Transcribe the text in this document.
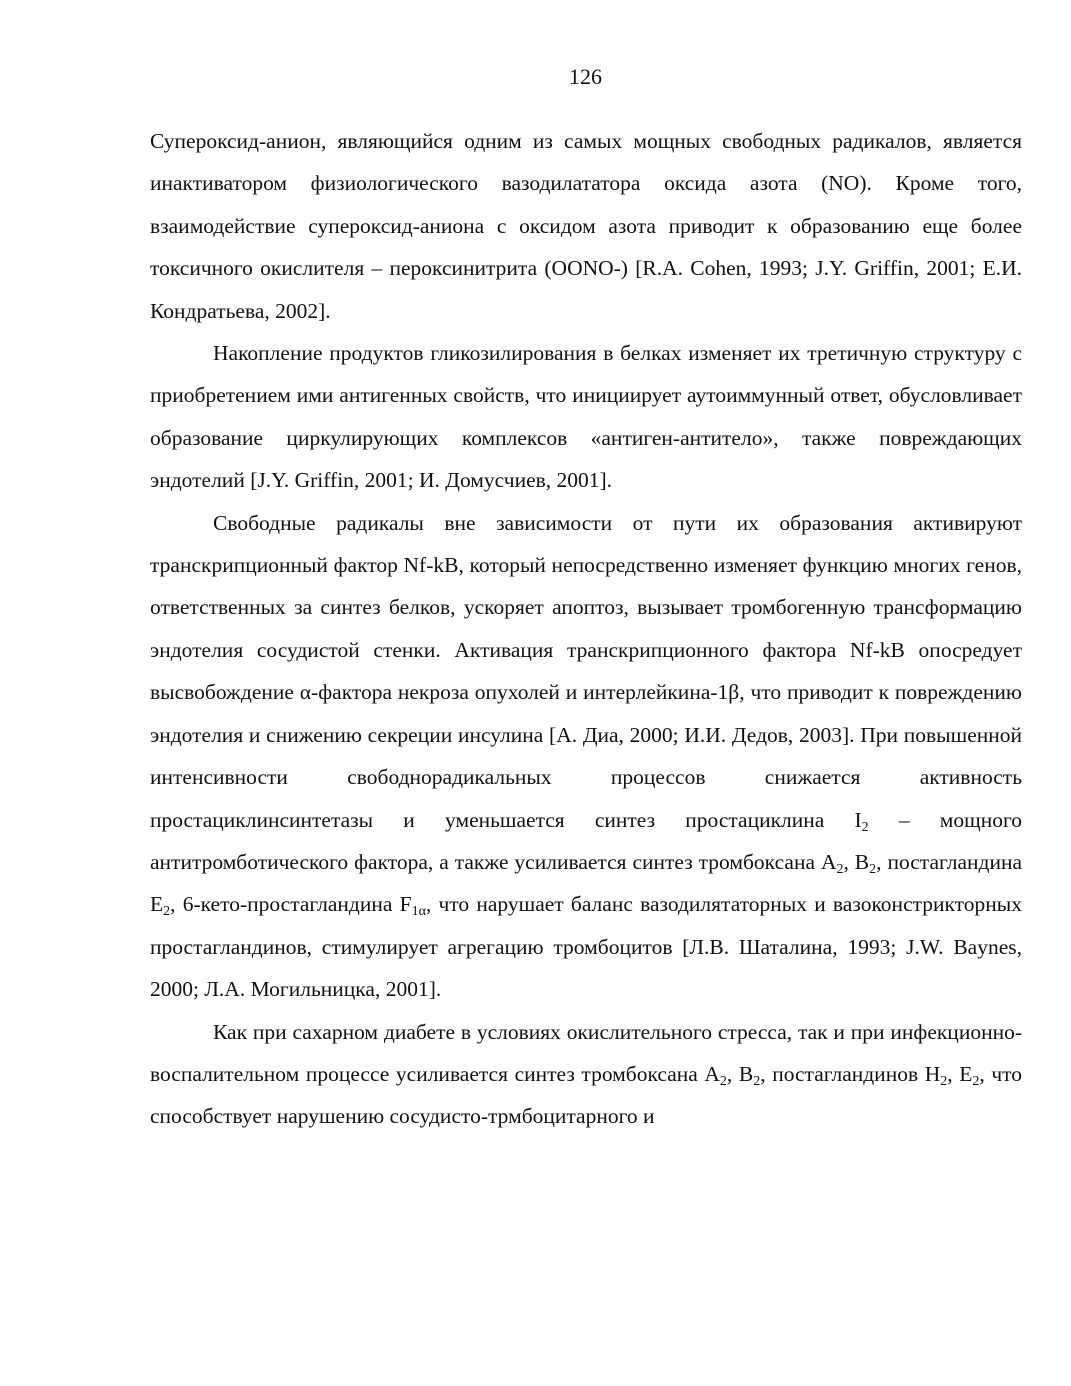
126

Супероксид-анион, являющийся одним из самых мощных свободных радикалов, является инактиватором физиологического вазодилататора оксида азота (NO). Кроме того, взаимодействие супероксид-аниона с оксидом азота приводит к образованию еще более токсичного окислителя – пероксинитрита (OONO-) [R.A. Cohen, 1993; J.Y. Griffin, 2001; Е.И. Кондратьева, 2002].

Накопление продуктов гликозилирования в белках изменяет их третичную структуру с приобретением ими антигенных свойств, что инициирует аутоиммунный ответ, обусловливает образование циркулирующих комплексов «антиген-антитело», также повреждающих эндотелий [J.Y. Griffin, 2001; И. Домусчиев, 2001].

Свободные радикалы вне зависимости от пути их образования активируют транскрипционный фактор Nf-kB, который непосредственно изменяет функцию многих генов, ответственных за синтез белков, ускоряет апоптоз, вызывает тромбогенную трансформацию эндотелия сосудистой стенки. Активация транскрипционного фактора Nf-kB опосредует высвобождение α-фактора некроза опухолей и интерлейкина-1β, что приводит к повреждению эндотелия и снижению секреции инсулина [А. Диа, 2000; И.И. Дедов, 2003]. При повышенной интенсивности свободнорадикальных процессов снижается активность простациклинсинтетазы и уменьшается синтез простациклина $I_2$ – мощного антитромботического фактора, а также усиливается синтез тромбоксана $A_2$, $B_2$, постагландина $E_2$, 6-кето-простагландина $F_{1\alpha}$, что нарушает баланс вазодилятаторных и вазоконстрикторных простагландинов, стимулирует агрегацию тромбоцитов [Л.В. Шаталина, 1993; J.W. Baynes, 2000; Л.А. Могильницка, 2001].

Как при сахарном диабете в условиях окислительного стресса, так и при инфекционно-воспалительном процессе усиливается синтез тромбоксана $A_2$, $B_2$, постагландинов $H_2$, $E_2$, что способствует нарушению сосудисто-трмбоцитарного и
